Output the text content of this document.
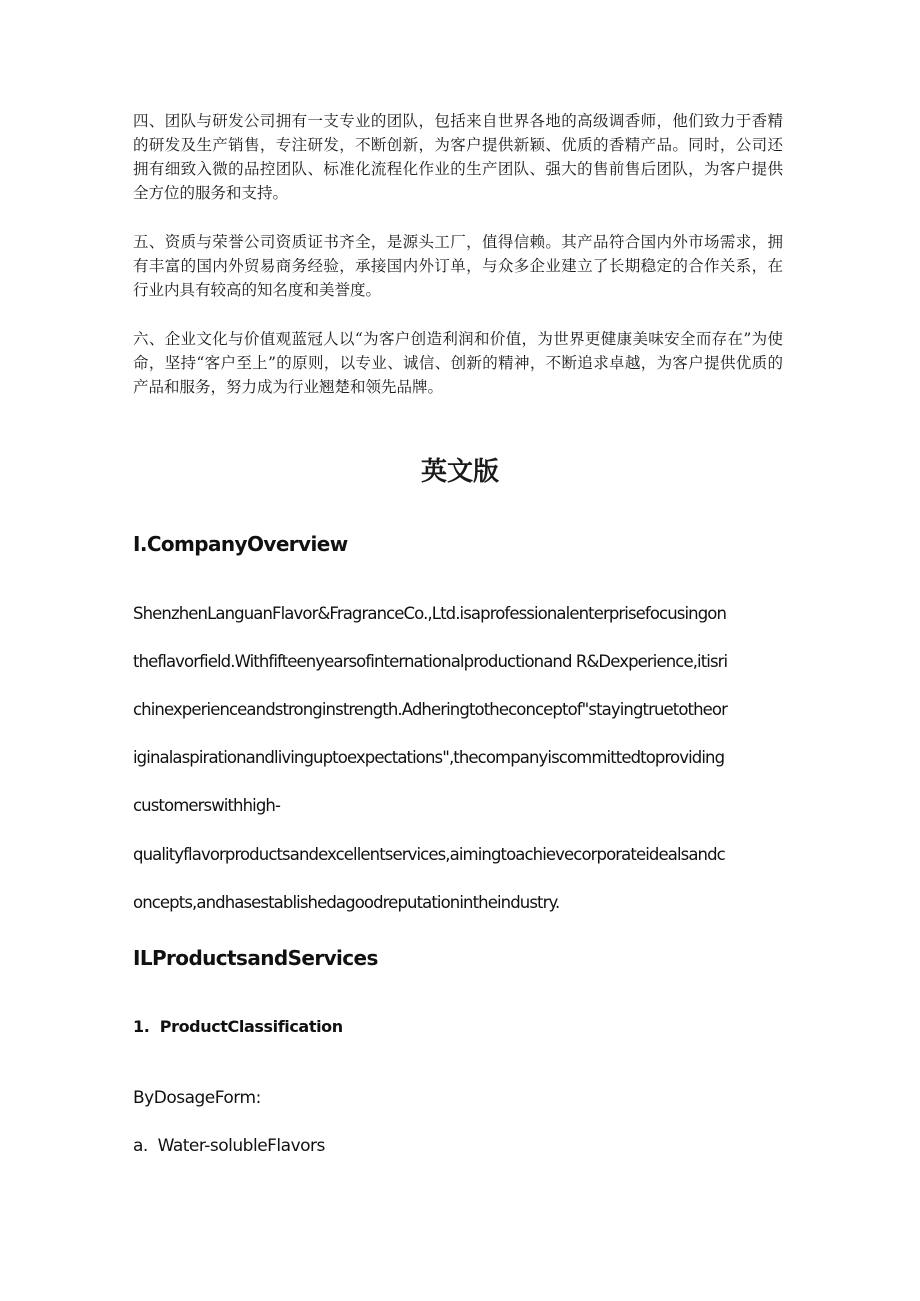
四、团队与研发公司拥有一支专业的团队，包括来自世界各地的高级调香师，他们致力于香精的研发及生产销售，专注研发，不断创新，为客户提供新颖、优质的香精产品。同时，公司还拥有细致入微的品控团队、标准化流程化作业的生产团队、强大的售前售后团队，为客户提供全方位的服务和支持。

五、资质与荣誉公司资质证书齐全，是源头工厂，值得信赖。其产品符合国内外市场需求，拥有丰富的国内外贸易商务经验，承接国内外订单，与众多企业建立了长期稳定的合作关系，在行业内具有较高的知名度和美誉度。

六、企业文化与价值观蓝冠人以“为客户创造利润和价值，为世界更健康美味安全而存在”为使命，坚持“客户至上”的原则，以专业、诚信、创新的精神，不断追求卓越，为客户提供优质的产品和服务，努力成为行业翘楚和领先品牌。

英文版
I.CompanyOverview

ShenzhenLanguanFlavor&FragranceCo.,Ltd.isaprofessionalenterprisefocusingon

theflavorfield.Withfifteenyearsofinternationalproductionand R&Dexperience,itisri

chinexperienceandstronginstrength.Adheringtotheconceptof"stayingtruetotheor

iginalaspirationandlivinguptoexpectations",thecompanyiscommittedtoproviding

customerswithhigh-

qualityflavorproductsandexcellentservices,aimingtoachievecorporateidealsandc

oncepts,andhasestablishedagoodreputationintheindustry.

ILProductsandServices
1.  ProductClassification

ByDosageForm:

a.  Water-solubleFlavors
